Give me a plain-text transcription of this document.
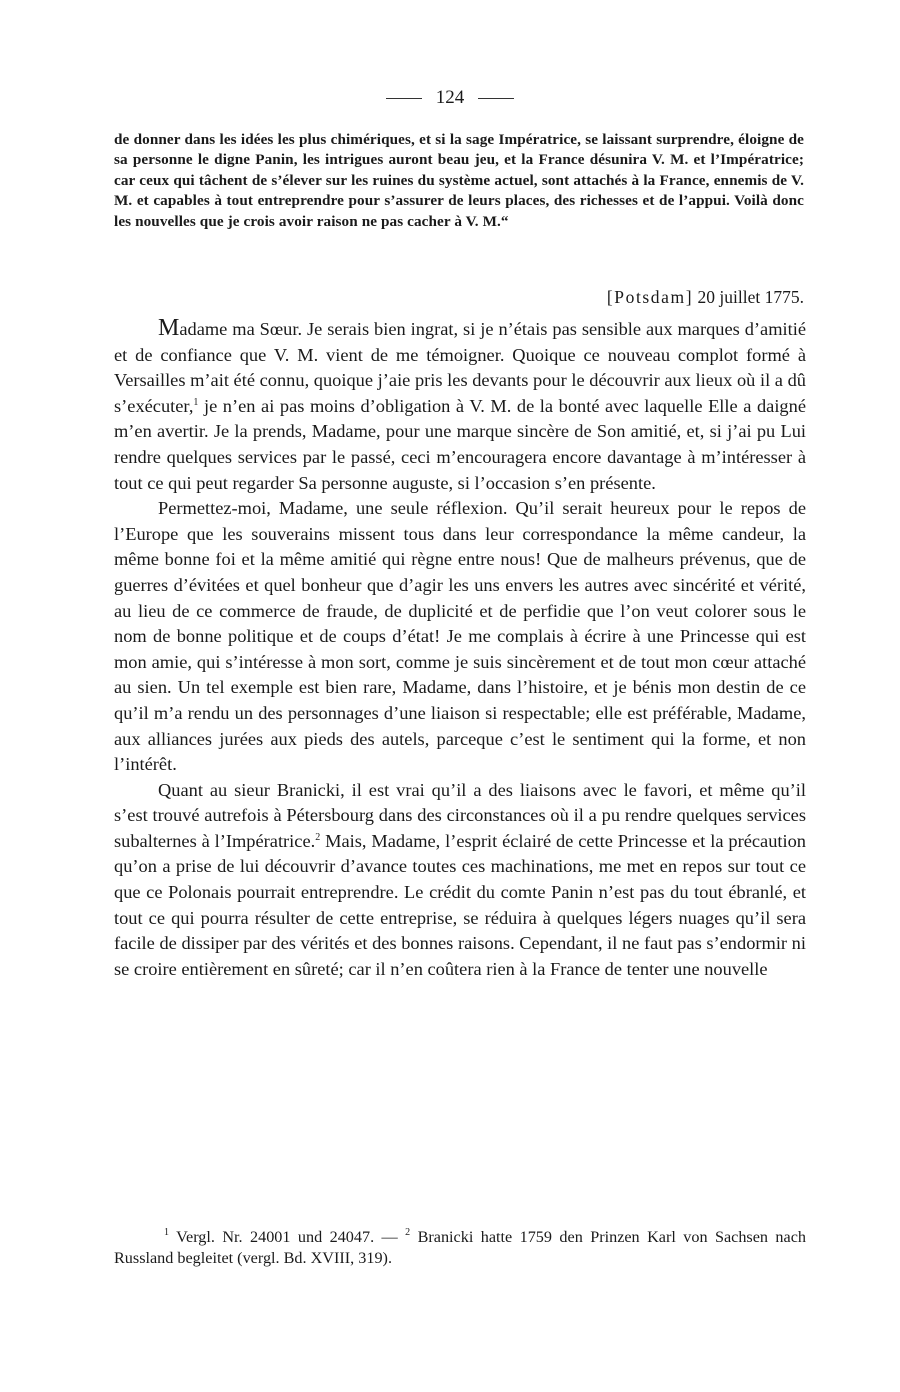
124
de donner dans les idées les plus chimériques, et si la sage Impératrice, se laissant surprendre, éloigne de sa personne le digne Panin, les intrigues auront beau jeu, et la France désunira V. M. et l’Impératrice; car ceux qui tâchent de s’élever sur les ruines du système actuel, sont attachés à la France, ennemis de V. M. et capables à tout entreprendre pour s’assurer de leurs places, des richesses et de l’appui. Voilà donc les nouvelles que je crois avoir raison ne pas cacher à V. M.“
[Potsdam] 20 juillet 1775.

Madame ma Sœur. Je serais bien ingrat, si je n’étais pas sensible aux marques d’amitié et de confiance que V. M. vient de me témoigner. Quoique ce nouveau complot formé à Versailles m’ait été connu, quoique j’aie pris les devants pour le découvrir aux lieux où il a dû s’exécuter,$^1$ je n’en ai pas moins d’obligation à V. M. de la bonté avec laquelle Elle a daigné m’en avertir. Je la prends, Madame, pour une marque sincère de Son amitié, et, si j’ai pu Lui rendre quelques services par le passé, ceci m’encouragera encore davantage à m’intéresser à tout ce qui peut regarder Sa personne auguste, si l’occasion s’en présente.

Permettez-moi, Madame, une seule réflexion. Qu’il serait heureux pour le repos de l’Europe que les souverains missent tous dans leur correspondance la même candeur, la même bonne foi et la même amitié qui règne entre nous! Que de malheurs prévenus, que de guerres d’évitées et quel bonheur que d’agir les uns envers les autres avec sincérité et vérité, au lieu de ce commerce de fraude, de duplicité et de perfidie que l’on veut colorer sous le nom de bonne politique et de coups d’état! Je me complais à écrire à une Princesse qui est mon amie, qui s’intéresse à mon sort, comme je suis sincèrement et de tout mon cœur attaché au sien. Un tel exemple est bien rare, Madame, dans l’histoire, et je bénis mon destin de ce qu’il m’a rendu un des personnages d’une liaison si respectable; elle est préférable, Madame, aux alliances jurées aux pieds des autels, parceque c’est le sentiment qui la forme, et non l’intérêt.

Quant au sieur Branicki, il est vrai qu’il a des liaisons avec le favori, et même qu’il s’est trouvé autrefois à Pétersbourg dans des circonstances où il a pu rendre quelques services subalternes à l’Impératrice.$^2$ Mais, Madame, l’esprit éclairé de cette Princesse et la précaution qu’on a prise de lui découvrir d’avance toutes ces machinations, me met en repos sur tout ce que ce Polonais pourrait entreprendre. Le crédit du comte Panin n’est pas du tout ébranlé, et tout ce qui pourra résulter de cette entreprise, se réduira à quelques légers nuages qu’il sera facile de dissiper par des vérités et des bonnes raisons. Cependant, il ne faut pas s’endormir ni se croire entièrement en sûreté; car il n’en coûtera rien à la France de tenter une nouvelle

$^1$ Vergl. Nr. 24001 und 24047. — $^2$ Branicki hatte 1759 den Prinzen Karl von Sachsen nach Russland begleitet (vergl. Bd. XVIII, 319).
